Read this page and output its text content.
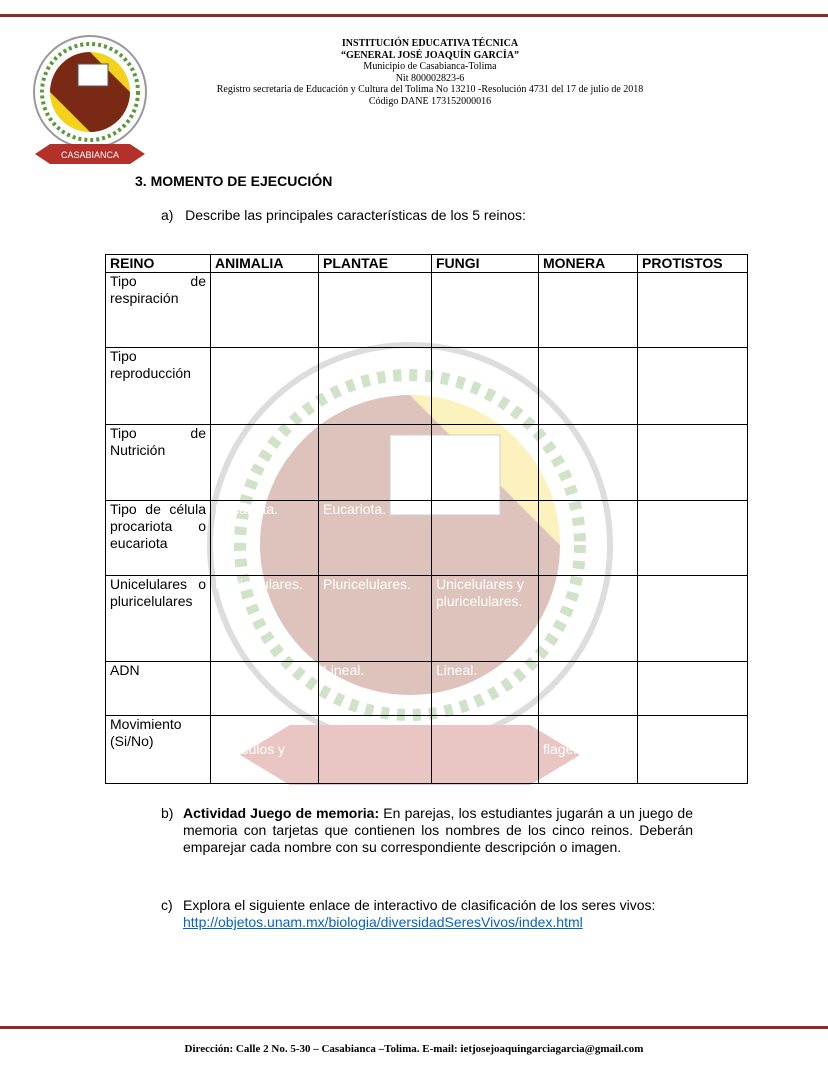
CASABIANCA
INSTITUCIÓN EDUCATIVA TÉCNICA
“GENERAL JOSÉ JOAQUÍN GARCÍA”
Municipio de Casabianca-Tolima
Nit 800002823-6
Registro secretaria de Educación y Cultura del Tolima No 13210 -Resolución 4731 del 17 de julio de 2018
Código DANE 173152000016
3. MOMENTO DE EJECUCIÓN
a) Describe las principales características de los 5 reinos:
REINO	ANIMALIA	PLANTAE	FUNGI	MONERA	PROTISTOS
Tipo de respiración					
Tipo reproducción					
Tipo de Nutrición					
Tipo de célula procariota o eucariota	Eucariota.	Eucariota.	Eucariota.		
Unicelulares o pluricelulares	Pluricelulares.	Pluricelulares.	Unicelulares y pluricelulares.		
ADN		Lineal.	Lineal.		
Movimiento (Si/No)	músculos y			flagelos	
b) Actividad Juego de memoria: En parejas, los estudiantes jugarán a un juego de memoria con tarjetas que contienen los nombres de los cinco reinos. Deberán emparejar cada nombre con su correspondiente descripción o imagen.
c) Explora el siguiente enlace de interactivo de clasificación de los seres vivos:
http://objetos.unam.mx/biologia/diversidadSeresVivos/index.html
Dirección: Calle 2 No. 5-30 – Casabianca –Tolima. E-mail: ietjosejoaquingarciagarcia@gmail.com
